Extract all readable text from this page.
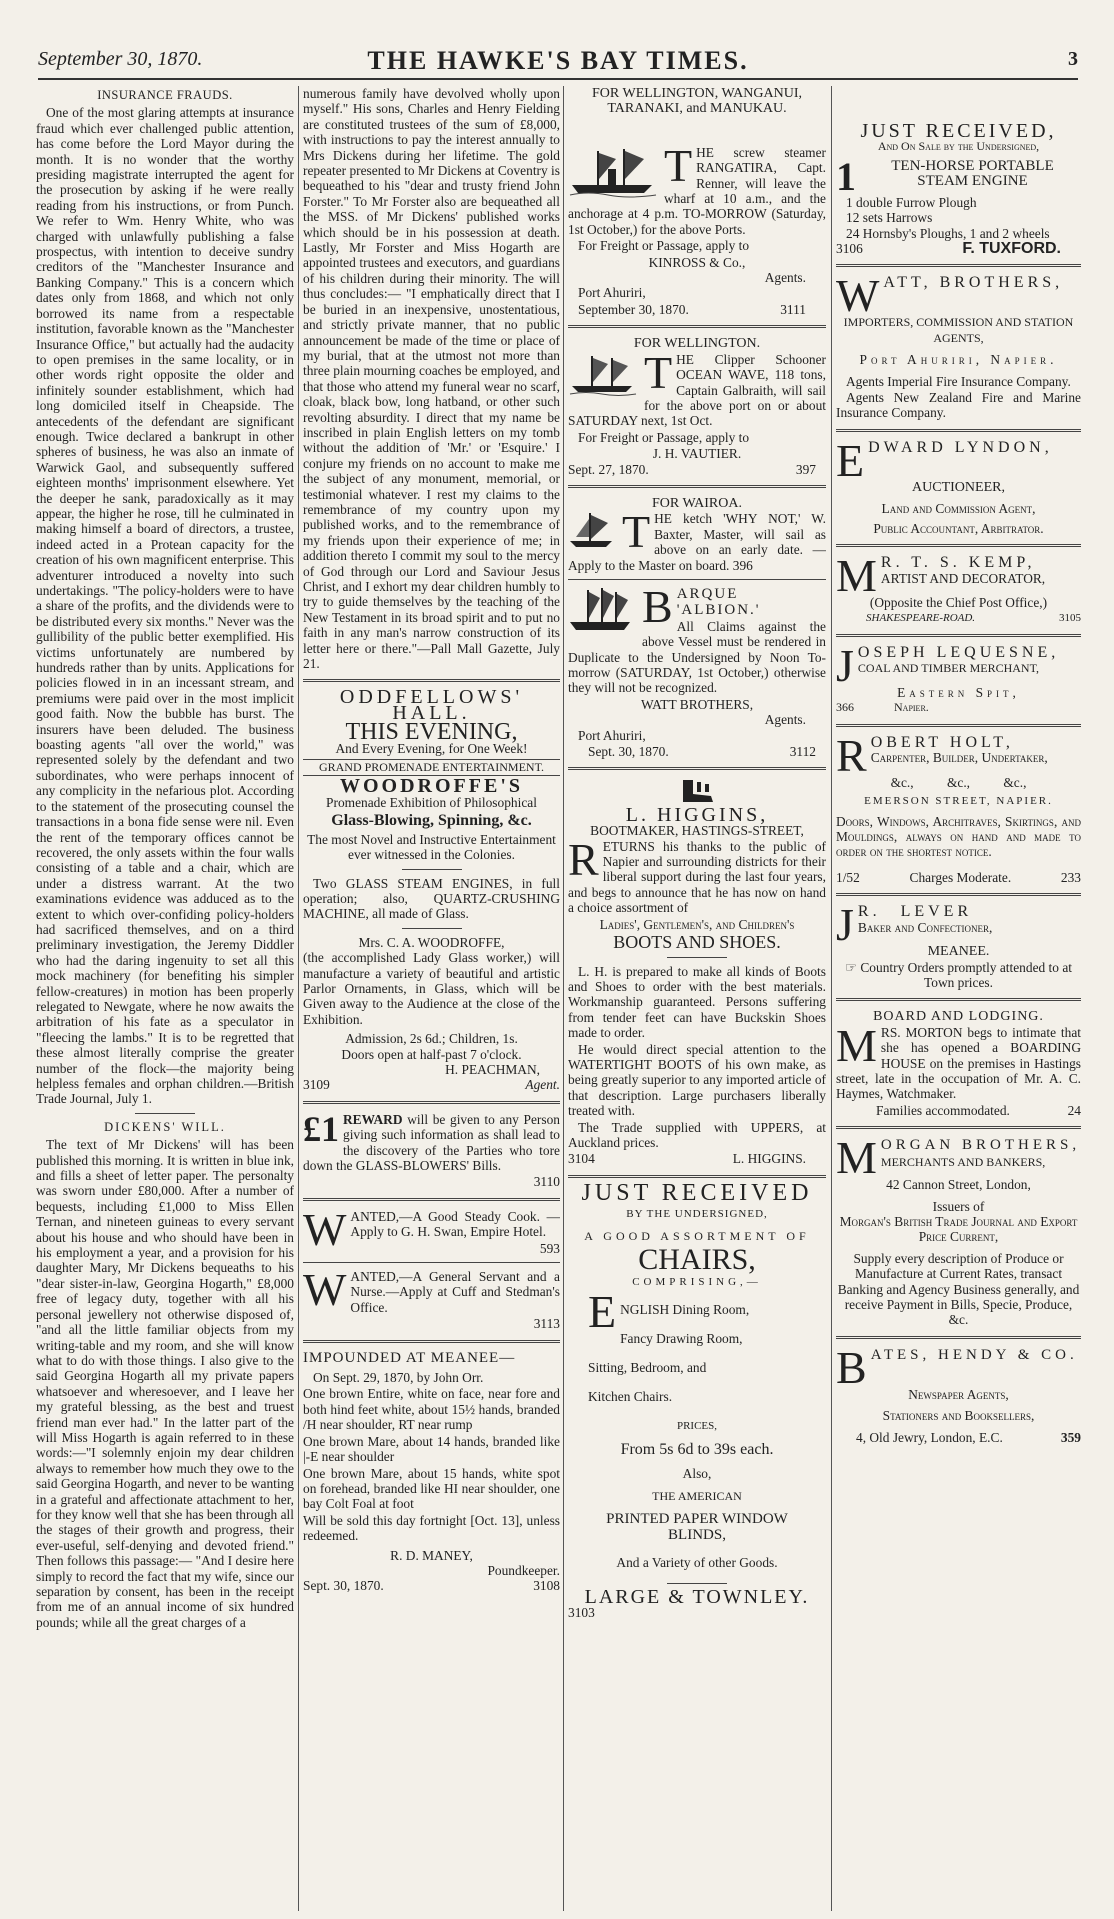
September 30, 1870.	THE HAWKE'S BAY TIMES.	3
INSURANCE FRAUDS.

One of the most glaring attempts at insurance fraud which ever challenged public attention, has come before the Lord Mayor during the month. It is no wonder that the worthy presiding magistrate interrupted the agent for the prosecution by asking if he were really reading from his instructions, or from Punch. We refer to Wm. Henry White, who was charged with unlawfully publishing a false prospectus, with intention to deceive sundry creditors of the "Manchester Insurance and Banking Company." This is a concern which dates only from 1868, and which not only borrowed its name from a respectable institution, favorable known as the "Manchester Insurance Office," but actually had the audacity to open premises in the same locality, or in other words right opposite the older and infinitely sounder establishment, which had long domiciled itself in Cheapside. The antecedents of the defendant are significant enough. Twice declared a bankrupt in other spheres of business, he was also an inmate of Warwick Gaol, and subsequently suffered eighteen months' imprisonment elsewhere. Yet the deeper he sank, paradoxically as it may appear, the higher he rose, till he culminated in making himself a board of directors, a trustee, indeed acted in a Protean capacity for the creation of his own magnificent enterprise. This adventurer introduced a novelty into such undertakings. "The policy-holders were to have a share of the profits, and the dividends were to be distributed every six months." Never was the gullibility of the public better exemplified. His victims unfortunately are numbered by hundreds rather than by units. Applications for policies flowed in in an incessant stream, and premiums were paid over in the most implicit good faith. Now the bubble has burst. The insurers have been deluded. The business boasting agents "all over the world," was represented solely by the defendant and two subordinates, who were perhaps innocent of any complicity in the nefarious plot. According to the statement of the prosecuting counsel the transactions in a bona fide sense were nil. Even the rent of the temporary offices cannot be recovered, the only assets within the four walls consisting of a table and a chair, which are under a distress warrant. At the two examinations evidence was adduced as to the extent to which over-confiding policy-holders had sacrificed themselves, and on a third preliminary investigation, the Jeremy Diddler who had the daring ingenuity to set all this mock machinery (for benefiting his simpler fellow-creatures) in motion has been properly relegated to Newgate, where he now awaits the arbitration of his fate as a speculator in "fleecing the lambs." It is to be regretted that these almost literally comprise the greater number of the flock—the majority being helpless females and orphan children.—British Trade Journal, July 1.

DICKENS' WILL.

The text of Mr Dickens' will has been published this morning. It is written in blue ink, and fills a sheet of letter paper. The personalty was sworn under £80,000. After a number of bequests, including £1,000 to Miss Ellen Ternan, and nineteen guineas to every servant about his house and who should have been in his employment a year, and a provision for his daughter Mary, Mr Dickens bequeaths to his "dear sister-in-law, Georgina Hogarth," £8,000 free of legacy duty, together with all his personal jewellery not otherwise disposed of, "and all the little familiar objects from my writing-table and my room, and she will know what to do with those things. I also give to the said Georgina Hogarth all my private papers whatsoever and wheresoever, and I leave her my grateful blessing, as the best and truest friend man ever had." In the latter part of the will Miss Hogarth is again referred to in these words:—"I solemnly enjoin my dear children always to remember how much they owe to the said Georgina Hogarth, and never to be wanting in a grateful and affectionate attachment to her, for they know well that she has been through all the stages of their growth and progress, their ever-useful, self-denying and devoted friend." Then follows this passage:— "And I desire here simply to record the fact that my wife, since our separation by consent, has been in the receipt from me of an annual income of six hundred pounds; while all the great charges of a

numerous family have devolved wholly upon myself." His sons, Charles and Henry Fielding are constituted trustees of the sum of £8,000, with instructions to pay the interest annually to Mrs Dickens during her lifetime. The gold repeater presented to Mr Dickens at Coventry is bequeathed to his "dear and trusty friend John Forster." To Mr Forster also are bequeathed all the MSS. of Mr Dickens' published works which should be in his possession at death. Lastly, Mr Forster and Miss Hogarth are appointed trustees and executors, and guardians of his children during their minority. The will thus concludes:— "I emphatically direct that I be buried in an inexpensive, unostentatious, and strictly private manner, that no public announcement be made of the time or place of my burial, that at the utmost not more than three plain mourning coaches be employed, and that those who attend my funeral wear no scarf, cloak, black bow, long hatband, or other such revolting absurdity. I direct that my name be inscribed in plain English letters on my tomb without the addition of 'Mr.' or 'Esquire.' I conjure my friends on no account to make me the subject of any monument, memorial, or testimonial whatever. I rest my claims to the remembrance of my country upon my published works, and to the remembrance of my friends upon their experience of me; in addition thereto I commit my soul to the mercy of God through our Lord and Saviour Jesus Christ, and I exhort my dear children humbly to try to guide themselves by the teaching of the New Testament in its broad spirit and to put no faith in any man's narrow construction of its letter here or there."—Pall Mall Gazette, July 21.

ODDFELLOWS' HALL.
THIS EVENING,
And Every Evening, for One Week!
GRAND PROMENADE ENTERTAINMENT.
WOODROFFE'S
Promenade Exhibition of Philosophical
Glass-Blowing, Spinning, &c.
The most Novel and Instructive Entertainment ever witnessed in the Colonies.

Two GLASS STEAM ENGINES, in full operation; also, QUARTZ-CRUSHING MACHINE, all made of Glass.

Mrs. C. A. WOODROFFE,

(the accomplished Lady Glass worker,) will manufacture a variety of beautiful and artistic Parlor Ornaments, in Glass, which will be Given away to the Audience at the close of the Exhibition.

Admission, 2s 6d.; Children, 1s.
Doors open at half-past 7 o'clock.
H. PEACHMAN,
3109	Agent.

£1 REWARD will be given to any Person giving such information as shall lead to the discovery of the Parties who tore down the GLASS-BLOWERS' Bills.

3110

WANTED,—A Good Steady Cook. —Apply to G. H. Swan, Empire Hotel.

593

WANTED,—A General Servant and a Nurse.—Apply at Cuff and Stedman's Office.

3113
IMPOUNDED AT MEANEE—

On Sept. 29, 1870, by John Orr.

One brown Entire, white on face, near fore and both hind feet white, about 15½ hands, branded /H near shoulder, RT near rump

One brown Mare, about 14 hands, branded like |-E near shoulder

One brown Mare, about 15 hands, white spot on forehead, branded like HI near shoulder, one bay Colt Foal at foot

Will be sold this day fortnight [Oct. 13], unless redeemed.

R. D. MANEY,
Poundkeeper.
Sept. 30, 1870.	3108
FOR WELLINGTON, WANGANUI, TARANAKI, and MANUKAU.

THE screw steamer RANGATIRA, Capt. Renner, will leave the wharf at 10 a.m., and the anchorage at 4 p.m. TO-MORROW (Saturday, 1st October,) for the above Ports.

For Freight or Passage, apply to

KINROSS & Co.,
Agents.

Port Ahuriri,

September 30, 1870.	3111
FOR WELLINGTON.

THE Clipper Schooner OCEAN WAVE, 118 tons, Captain Galbraith, will sail for the above port on or about SATURDAY next, 1st Oct.

For Freight or Passage, apply to

J. H. VAUTIER.
Sept. 27, 1870.	397
FOR WAIROA.

THE ketch 'WHY NOT,' W. Baxter, Master, will sail as above on an early date. —Apply to the Master on board. 396

BARQUE 'ALBION.'
All Claims against the above Vessel must be rendered in Duplicate to the Undersigned by Noon To-morrow (SATURDAY, 1st October,) otherwise they will not be recognized.

WATT BROTHERS,
Agents.

Port Ahuriri,

Sept. 30, 1870.	3112
L. HIGGINS,
BOOTMAKER, HASTINGS-STREET,

RETURNS his thanks to the public of Napier and surrounding districts for their liberal support during the last four years, and begs to announce that he has now on hand a choice assortment of

Ladies', Gentlemen's, and Children's
BOOTS AND SHOES.

L. H. is prepared to make all kinds of Boots and Shoes to order with the best materials. Workmanship guaranteed. Persons suffering from tender feet can have Buckskin Shoes made to order.

He would direct special attention to the WATERTIGHT BOOTS of his own make, as being greatly superior to any imported article of that description. Large purchasers liberally treated with.

The Trade supplied with UPPERS, at Auckland prices.

3104	L. HIGGINS.
JUST RECEIVED
BY THE UNDERSIGNED,
A GOOD ASSORTMENT OF
CHAIRS,
COMPRISING,—
ENGLISH Dining Room,
Fancy Drawing Room,
Sitting, Bedroom, and
Kitchen Chairs.
PRICES,
From 5s 6d to 39s each.
Also,
THE AMERICAN
PRINTED PAPER WINDOW
BLINDS,
And a Variety of other Goods.
LARGE & TOWNLEY.
3103
JUST RECEIVED,
And On Sale by the Undersigned,
1	TEN-HORSE PORTABLE STEAM ENGINE
1 double Furrow Plough
12 sets Harrows
24 Hornsby's Ploughs, 1 and 2 wheels
3106	F. TUXFORD.

WATT, BROTHERS,

IMPORTERS, COMMISSION AND STATION AGENTS,
Port Ahuriri, Napier.

Agents Imperial Fire Insurance Company.

Agents New Zealand Fire and Marine Insurance Company.

EDWARD LYNDON,

AUCTIONEER,
Land and Commission Agent,
Public Accountant, Arbitrator.

M R. T. S. KEMP,
ARTIST AND DECORATOR,

(Opposite the Chief Post Office,)
SHAKESPEARE-ROAD.	3105

JOSEPH LEQUESNE,
COAL AND TIMBER MERCHANT,

Eastern Spit,
366	Napier.

ROBERT HOLT,
Carpenter, Builder, Undertaker,

&c., &c., &c.,
EMERSON STREET, NAPIER.

Doors, Windows, Architraves, Skirtings, and Mouldings, always on hand and made to order on the shortest notice.

1/52	Charges Moderate.	233

J R. LEVER
Baker and Confectioner,

MEANEE.

☞ Country Orders promptly attended to at Town prices.

BOARD AND LODGING.

MRS. MORTON begs to intimate that she has opened a BOARDING HOUSE on the premises in Hastings street, late in the occupation of Mr. A. C. Haymes, Watchmaker.

Families accommodated.	24

MORGAN BROTHERS,
MERCHANTS AND BANKERS,

42 Cannon Street, London,
Issuers of
Morgan's British Trade Journal and Export Price Current,
Supply every description of Produce or Manufacture at Current Rates, transact Banking and Agency Business generally, and receive Payment in Bills, Specie, Produce, &c.

BATES, HENDY & CO.

Newspaper Agents,
Stationers and Booksellers,
4, Old Jewry, London, E.C.	359
